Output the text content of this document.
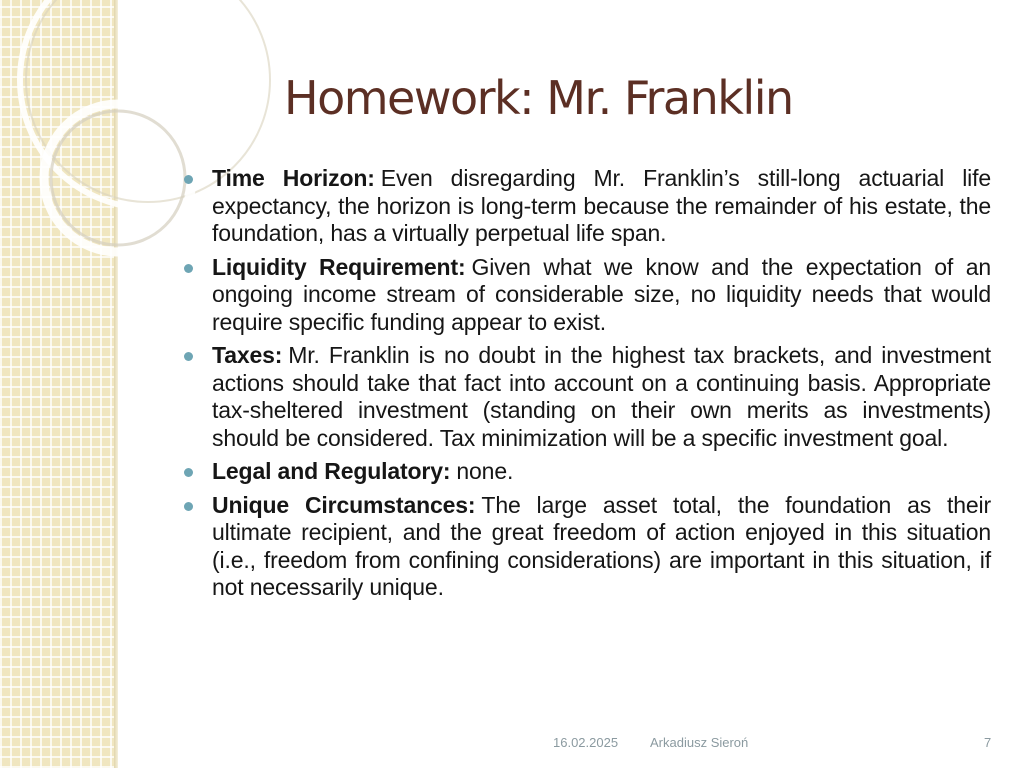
Homework: Mr. Franklin
Time Horizon: Even disregarding Mr. Franklin’s still-long actuarial life expectancy, the horizon is long-term because the remainder of his estate, the foundation, has a virtually perpetual life span.
Liquidity Requirement: Given what we know and the expectation of an ongoing income stream of considerable size, no liquidity needs that would require specific funding appear to exist.
Taxes: Mr. Franklin is no doubt in the highest tax brackets, and investment actions should take that fact into account on a continuing basis. Appropriate tax-sheltered investment (standing on their own merits as investments) should be considered. Tax minimization will be a specific investment goal.
Legal and Regulatory: none.
Unique Circumstances: The large asset total, the foundation as their ultimate recipient, and the great freedom of action enjoyed in this situation (i.e., freedom from confining considerations) are important in this situation, if not necessarily unique.
16.02.2025 Arkadiusz Sieroń	7
